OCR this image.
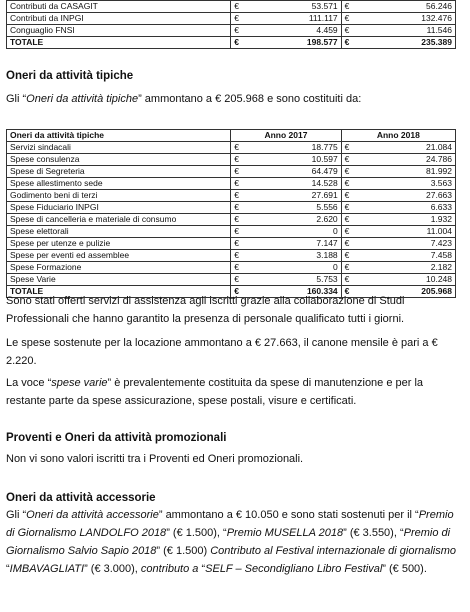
Contributi da CASAGIT	€	53.571	€	56.246
Contributi da INPGI	€	111.117	€	132.476
Conguaglio FNSI	€	4.459	€	11.546
TOTALE	€	198.577	€	235.389
Oneri da attività tipiche
Gli “Oneri da attività tipiche” ammontano a € 205.968 e sono costituiti da:
Oneri da attività tipiche	Anno 2017		Anno 2018	
Servizi sindacali	€	18.775	€	21.084
Spese consulenza	€	10.597	€	24.786
Spese di Segreteria	€	64.479	€	81.992
Spese allestimento sede	€	14.528	€	3.563
Godimento beni di terzi	€	27.691	€	27.663
Spese Fiduciario INPGI	€	5.556	€	6.633
Spese di cancelleria e materiale di consumo	€	2.620	€	1.932
Spese elettorali	€	0	€	11.004
Spese per utenze e pulizie	€	7.147	€	7.423
Spese per eventi ed assemblee	€	3.188	€	7.458
Spese Formazione	€	0	€	2.182
Spese Varie	€	5.753	€	10.248
TOTALE	€	160.334	€	205.968
Sono stati offerti servizi di assistenza agli iscritti grazie alla collaborazione di Studi Professionali che hanno garantito la presenza di personale qualificato tutti i giorni.
Le spese sostenute per la locazione ammontano a € 27.663, il canone mensile è pari a € 2.220.
La voce “spese varie” è prevalentemente costituita da spese di manutenzione e per la restante parte da spese assicurazione, spese postali, visure e certificati.
Proventi e Oneri da attività promozionali
Non vi sono valori iscritti tra i Proventi ed Oneri promozionali.
Oneri da attività accessorie
Gli “Oneri da attività accessorie” ammontano a € 10.050 e sono stati sostenuti per il “Premio di Giornalismo LANDOLFO 2018” (€ 1.500), “Premio MUSELLA 2018” (€ 3.550), “Premio di Giornalismo Salvio Sapio 2018” (€ 1.500) Contributo al Festival internazionale di giornalismo “IMBAVAGLIATI” (€ 3.000), contributo a “SELF – Secondigliano Libro Festival” (€ 500).
